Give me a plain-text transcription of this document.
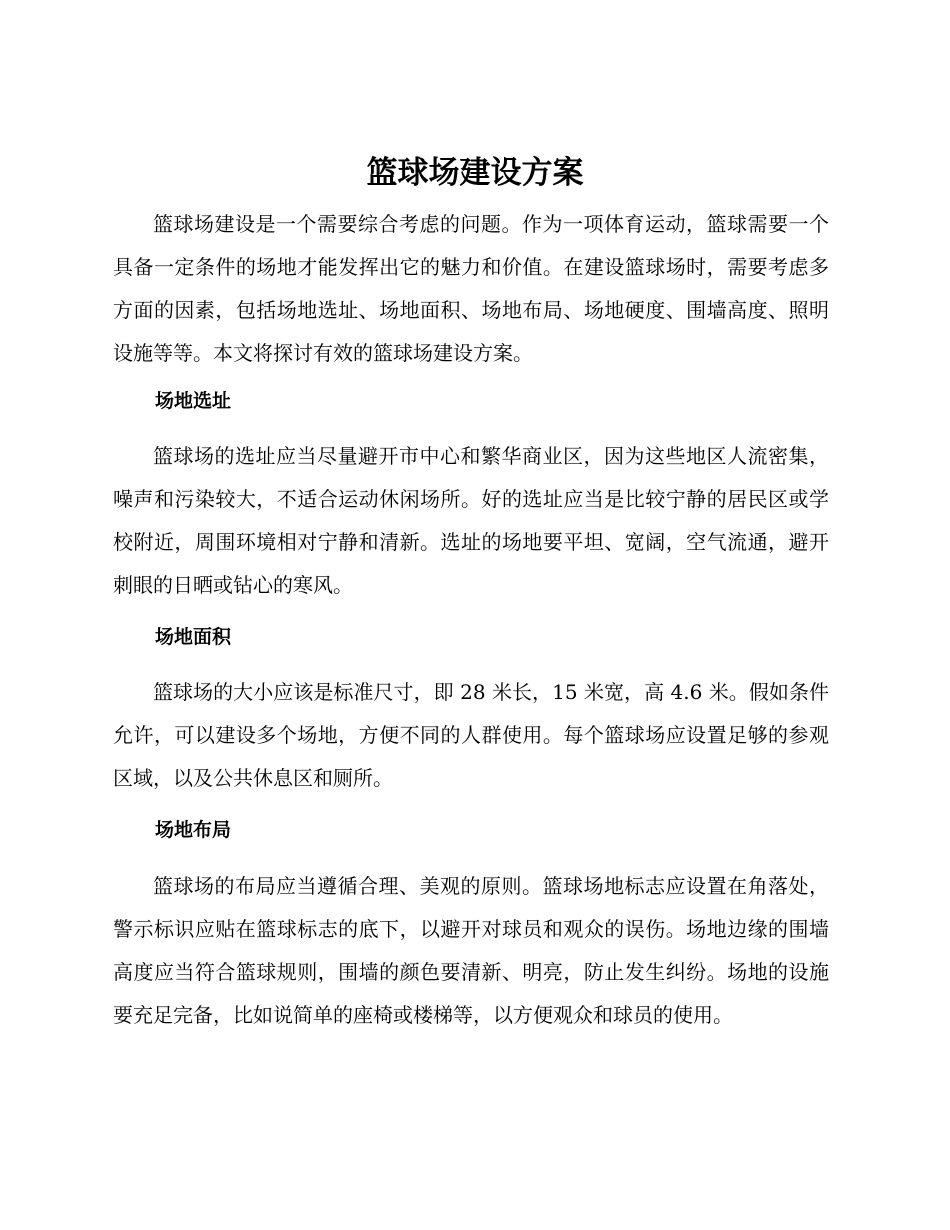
篮球场建设方案

篮球场建设是一个需要综合考虑的问题。作为一项体育运动，篮球需要一个具备一定条件的场地才能发挥出它的魅力和价值。在建设篮球场时，需要考虑多方面的因素，包括场地选址、场地面积、场地布局、场地硬度、围墙高度、照明设施等等。本文将探讨有效的篮球场建设方案。

场地选址

篮球场的选址应当尽量避开市中心和繁华商业区，因为这些地区人流密集，噪声和污染较大，不适合运动休闲场所。好的选址应当是比较宁静的居民区或学校附近，周围环境相对宁静和清新。选址的场地要平坦、宽阔，空气流通，避开刺眼的日晒或钻心的寒风。

场地面积

篮球场的大小应该是标准尺寸，即 28 米长，15 米宽，高 4.6 米。假如条件允许，可以建设多个场地，方便不同的人群使用。每个篮球场应设置足够的参观区域，以及公共休息区和厕所。

场地布局

篮球场的布局应当遵循合理、美观的原则。篮球场地标志应设置在角落处，警示标识应贴在篮球标志的底下，以避开对球员和观众的误伤。场地边缘的围墙高度应当符合篮球规则，围墙的颜色要清新、明亮，防止发生纠纷。场地的设施要充足完备，比如说简单的座椅或楼梯等，以方便观众和球员的使用。
